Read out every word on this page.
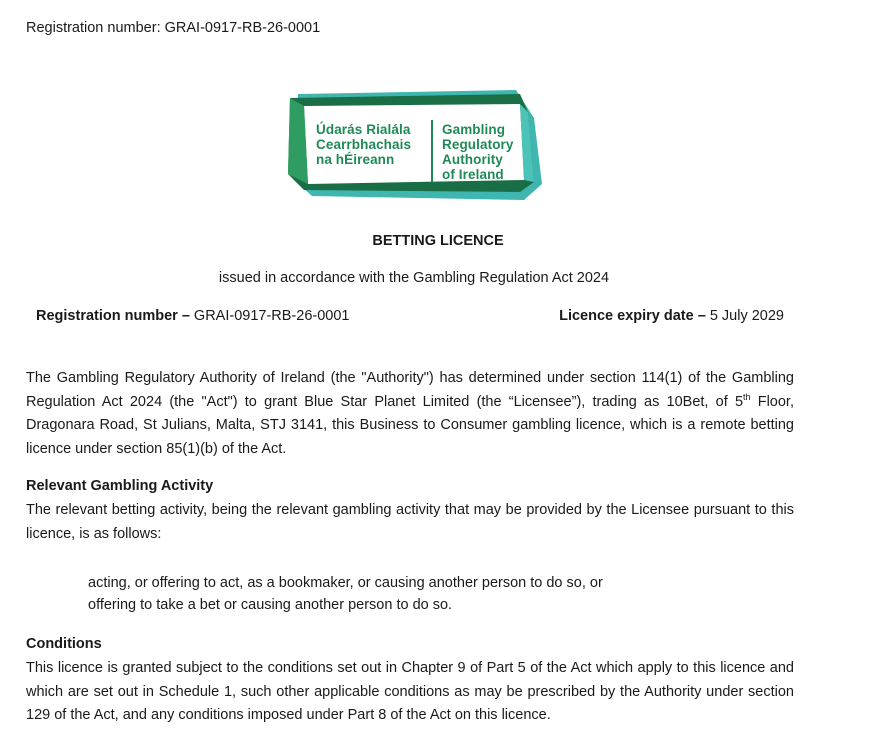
Registration number: GRAI-0917-RB-26-0001
Údarás Rialála
Cearrbhachais
na hÉireann
Gambling
Regulatory
Authority
of Ireland
BETTING LICENCE
issued in accordance with the Gambling Regulation Act 2024
Registration number – GRAI-0917-RB-26-0001	Licence expiry date – 5 July 2029
The Gambling Regulatory Authority of Ireland (the "Authority") has determined under section 114(1) of the Gambling Regulation Act 2024 (the "Act") to grant Blue Star Planet Limited (the “Licensee”), trading as 10Bet, of 5th Floor, Dragonara Road, St Julians, Malta, STJ 3141, this Business to Consumer gambling licence, which is a remote betting licence under section 85(1)(b) of the Act.
Relevant Gambling Activity
The relevant betting activity, being the relevant gambling activity that may be provided by the Licensee pursuant to this licence, is as follows:
acting, or offering to act, as a bookmaker, or causing another person to do so, or
offering to take a bet or causing another person to do so.
Conditions
This licence is granted subject to the conditions set out in Chapter 9 of Part 5 of the Act which apply to this licence and which are set out in Schedule 1, such other applicable conditions as may be prescribed by the Authority under section 129 of the Act, and any conditions imposed under Part 8 of the Act on this licence.
